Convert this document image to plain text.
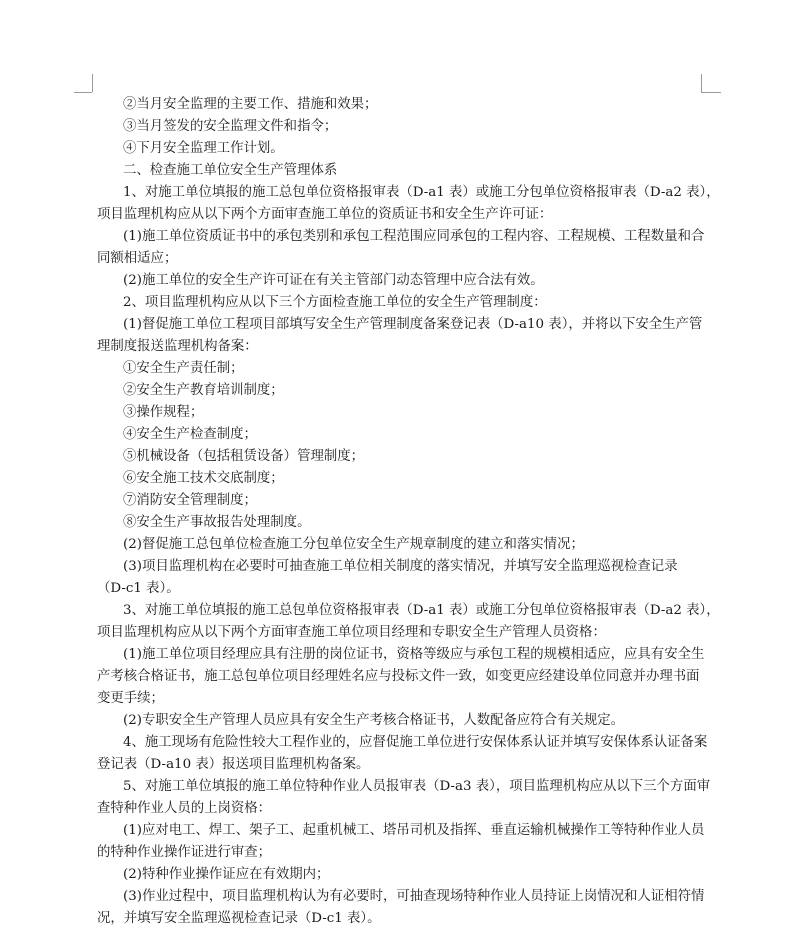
②当月安全监理的主要工作、措施和效果；
③当月签发的安全监理文件和指令；
④下月安全监理工作计划。
二、检查施工单位安全生产管理体系
1、对施工单位填报的施工总包单位资格报审表（D-a1 表）或施工分包单位资格报审表（D-a2 表），
项目监理机构应从以下两个方面审查施工单位的资质证书和安全生产许可证：
(1)施工单位资质证书中的承包类别和承包工程范围应同承包的工程内容、工程规模、工程数量和合
同额相适应；
(2)施工单位的安全生产许可证在有关主管部门动态管理中应合法有效。
2、项目监理机构应从以下三个方面检查施工单位的安全生产管理制度：
(1)督促施工单位工程项目部填写安全生产管理制度备案登记表（D-a10 表），并将以下安全生产管
理制度报送监理机构备案：
①安全生产责任制；
②安全生产教育培训制度；
③操作规程；
④安全生产检查制度；
⑤机械设备（包括租赁设备）管理制度；
⑥安全施工技术交底制度；
⑦消防安全管理制度；
⑧安全生产事故报告处理制度。
(2)督促施工总包单位检查施工分包单位安全生产规章制度的建立和落实情况；
(3)项目监理机构在必要时可抽查施工单位相关制度的落实情况，并填写安全监理巡视检查记录
（D-c1 表）。
3、对施工单位填报的施工总包单位资格报审表（D-a1 表）或施工分包单位资格报审表（D-a2 表），
项目监理机构应从以下两个方面审查施工单位项目经理和专职安全生产管理人员资格：
(1)施工单位项目经理应具有注册的岗位证书，资格等级应与承包工程的规模相适应，应具有安全生
产考核合格证书，施工总包单位项目经理姓名应与投标文件一致，如变更应经建设单位同意并办理书面
变更手续；
(2)专职安全生产管理人员应具有安全生产考核合格证书，人数配备应符合有关规定。
4、施工现场有危险性较大工程作业的，应督促施工单位进行安保体系认证并填写安保体系认证备案
登记表（D-a10 表）报送项目监理机构备案。
5、对施工单位填报的施工单位特种作业人员报审表（D-a3 表），项目监理机构应从以下三个方面审
查特种作业人员的上岗资格：
(1)应对电工、焊工、架子工、起重机械工、塔吊司机及指挥、垂直运输机械操作工等特种作业人员
的特种作业操作证进行审查；
(2)特种作业操作证应在有效期内；
(3)作业过程中，项目监理机构认为有必要时，可抽查现场特种作业人员持证上岗情况和人证相符情
况，并填写安全监理巡视检查记录（D-c1 表）。
